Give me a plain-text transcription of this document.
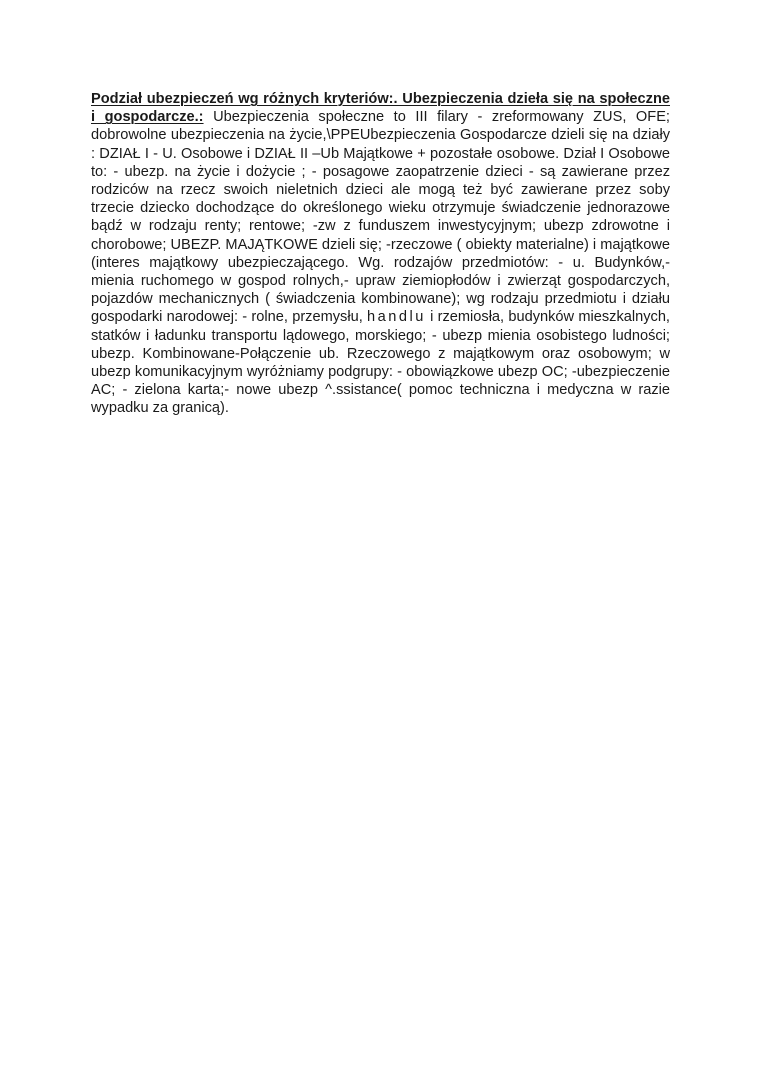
Podział ubezpieczeń wg różnych kryteriów:. Ubezpieczenia dzieła się na społeczne i gospodarcze.: Ubezpieczenia społeczne to III filary - zreformowany ZUS, OFE; dobrowolne ubezpieczenia na życie,\PPEUbezpieczenia Gospodarcze dzieli się na działy : DZIAŁ I - U. Osobowe i DZIAŁ II –Ub Majątkowe + pozostałe osobowe. Dział I Osobowe to: - ubezp. na życie i dożycie ; - posagowe zaopatrzenie dzieci - są zawierane przez rodziców na rzecz swoich nieletnich dzieci ale mogą też być zawierane przez soby trzecie dziecko dochodzące do określonego wieku otrzymuje świadczenie jednorazowe bądź w rodzaju renty; rentowe; -zw z funduszem inwestycyjnym; ubezp zdrowotne i chorobowe; UBEZP. MAJĄTKOWE dzieli się; -rzeczowe ( obiekty materialne) i majątkowe (interes majątkowy ubezpieczającego. Wg. rodzajów przedmiotów: - u. Budynków,- mienia ruchomego w gospod rolnych,- upraw ziemiopłodów i zwierząt gospodarczych, pojazdów mechanicznych ( świadczenia kombinowane); wg rodzaju przedmiotu i działu gospodarki narodowej: - rolne, przemysłu, handlu i rzemiosła, budynków mieszkalnych, statków i ładunku transportu lądowego, morskiego; - ubezp mienia osobistego ludności; ubezp. Kombinowane-Połączenie ub. Rzeczowego z majątkowym oraz osobowym; w ubezp komunikacyjnym wyróżniamy podgrupy: - obowiązkowe ubezp OC; -ubezpieczenie AC; - zielona karta;- nowe ubezp ^.ssistance( pomoc techniczna i medyczna w razie wypadku za granicą).
